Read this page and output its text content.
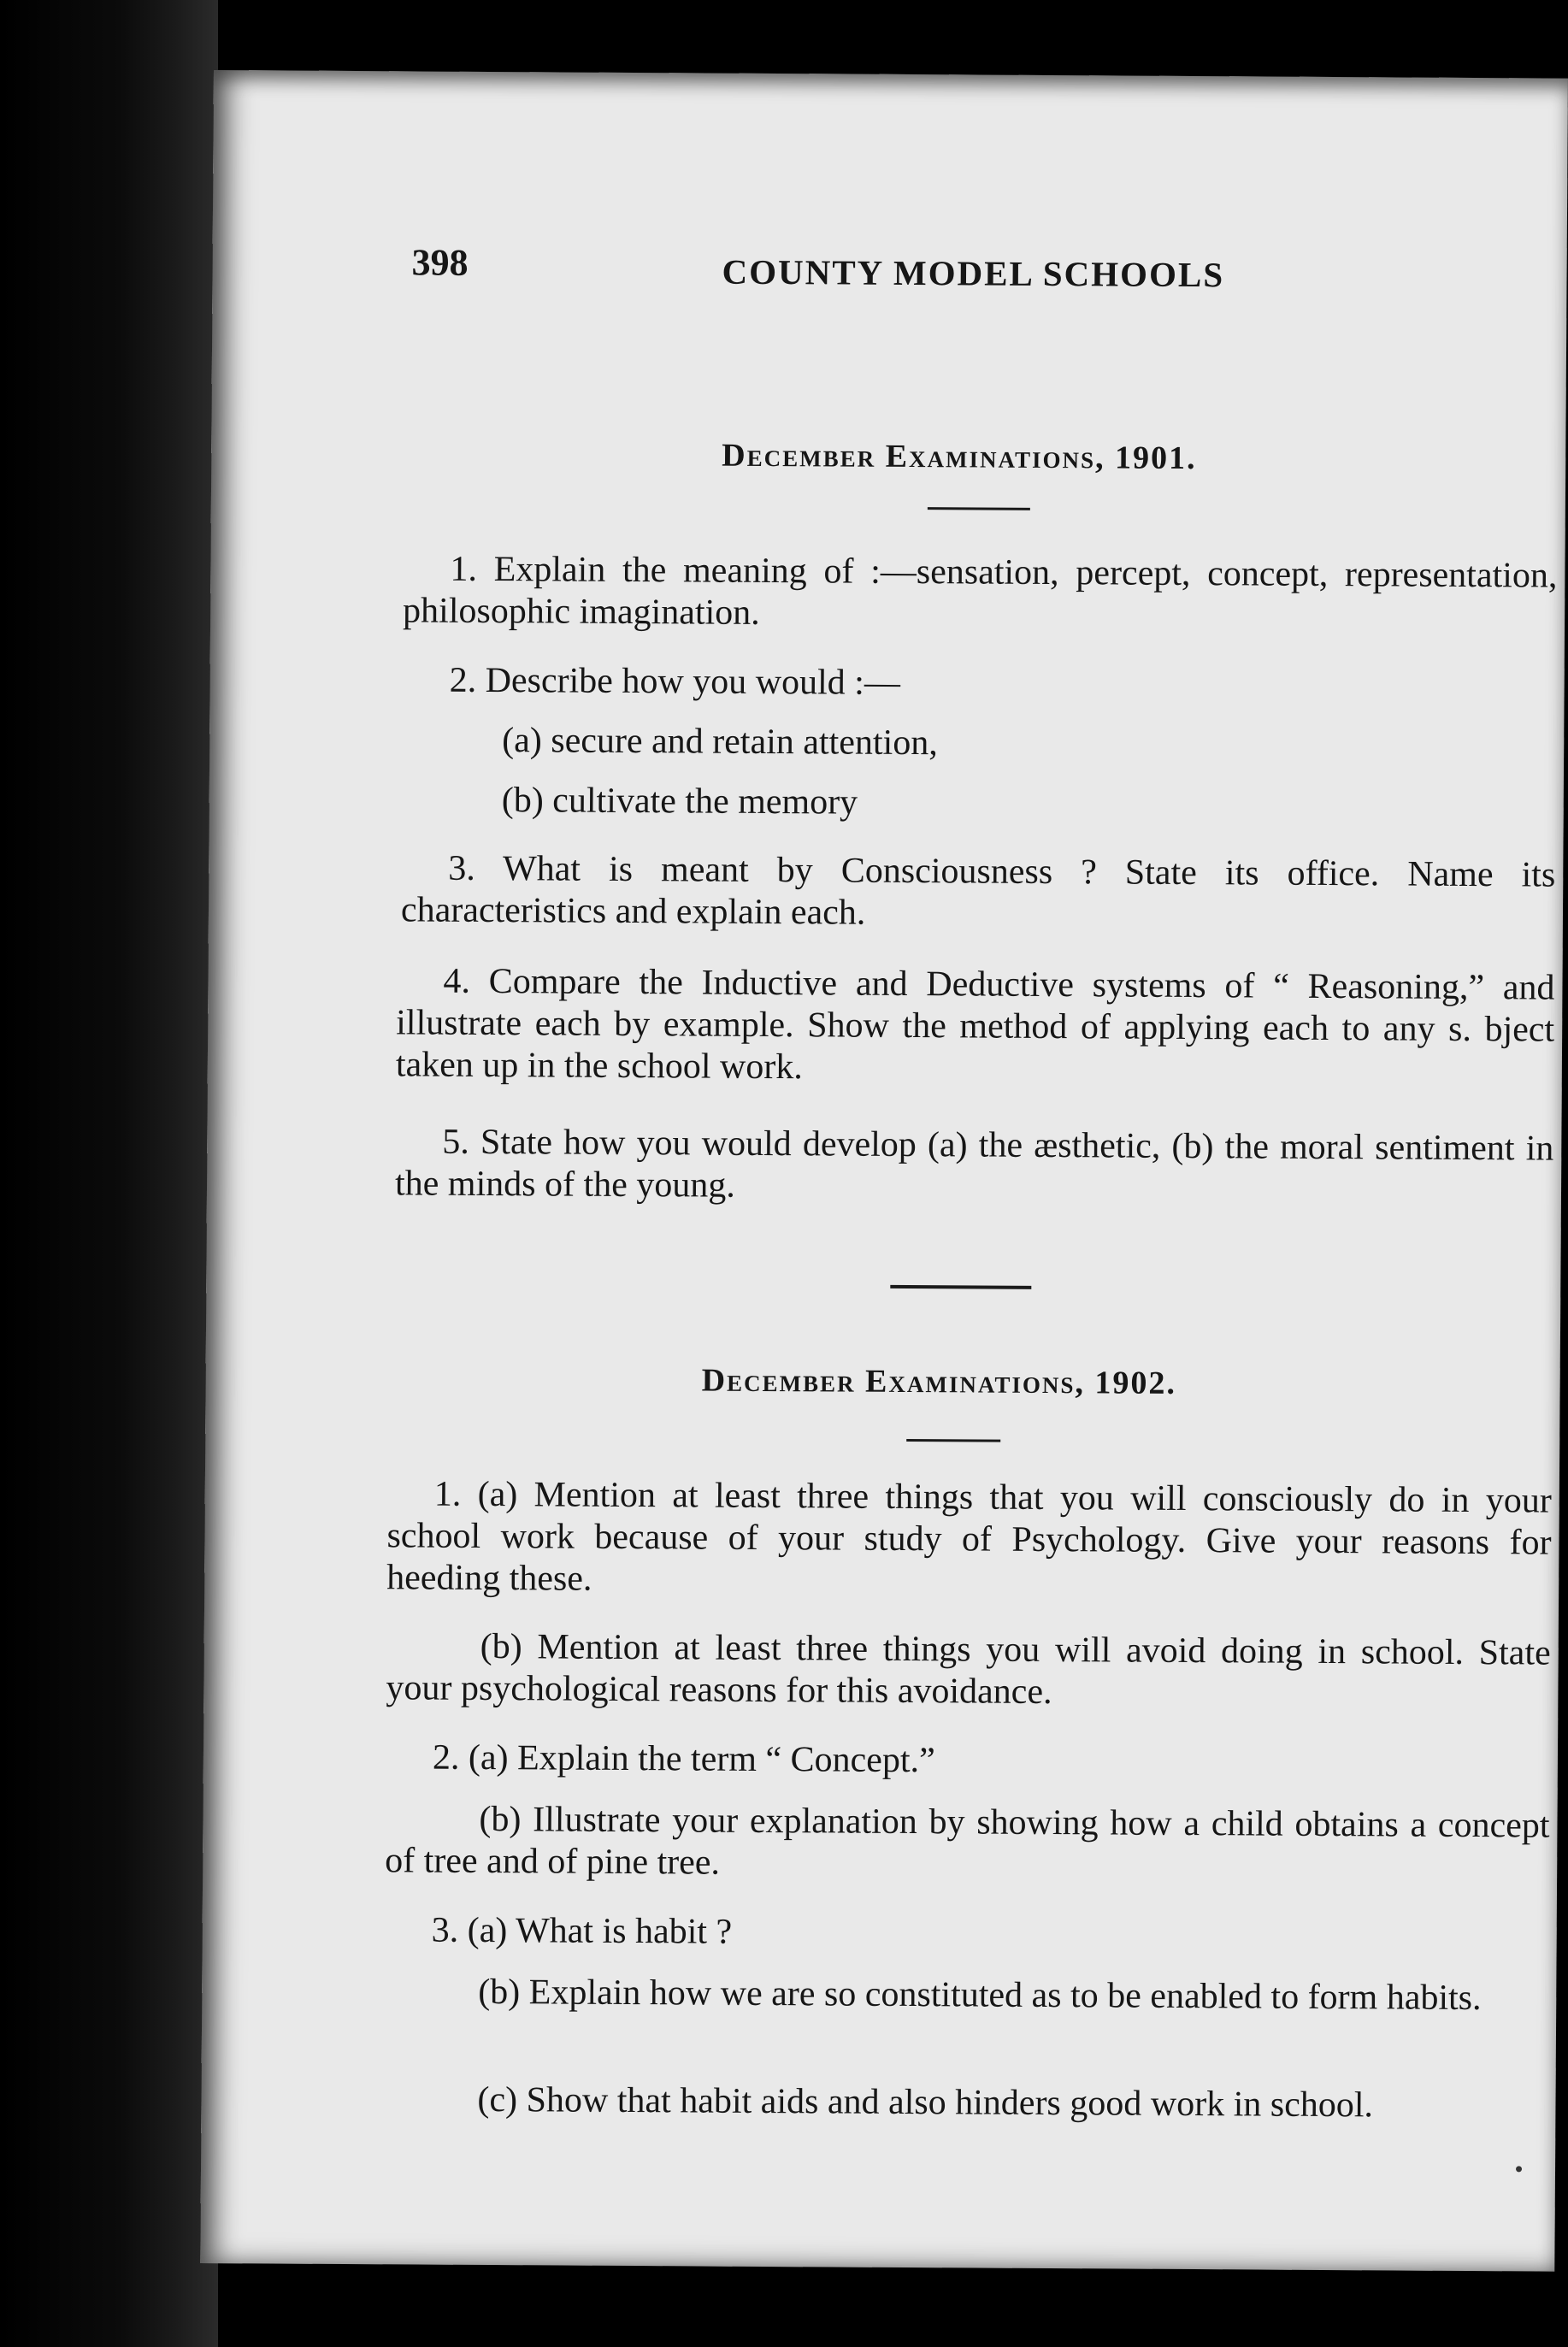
398	COUNTY MODEL SCHOOLS
December Examinations, 1901.

1. Explain the meaning of :—sensation, percept, concept, representation, philosophic imagination.

2. Describe how you would :—

(a) secure and retain attention,

(b) cultivate the memory

3. What is meant by Consciousness ? State its office. Name its characteristics and explain each.

4. Compare the Inductive and Deductive systems of “ Reasoning,” and illustrate each by example. Show the method of applying each to any s. bject taken up in the school work.

5. State how you would develop (a) the æsthetic, (b) the moral sentiment in the minds of the young.

December Examinations, 1902.

1. (a) Mention at least three things that you will consciously do in your school work because of your study of Psychology. Give your reasons for heeding these.

(b) Mention at least three things you will avoid doing in school. State your psychological reasons for this avoidance.

2. (a) Explain the term “ Concept.”

(b) Illustrate your explanation by showing how a child obtains a concept of tree and of pine tree.

3. (a) What is habit ?

(b) Explain how we are so constituted as to be enabled to form habits.

(c) Show that habit aids and also hinders good work in school.
